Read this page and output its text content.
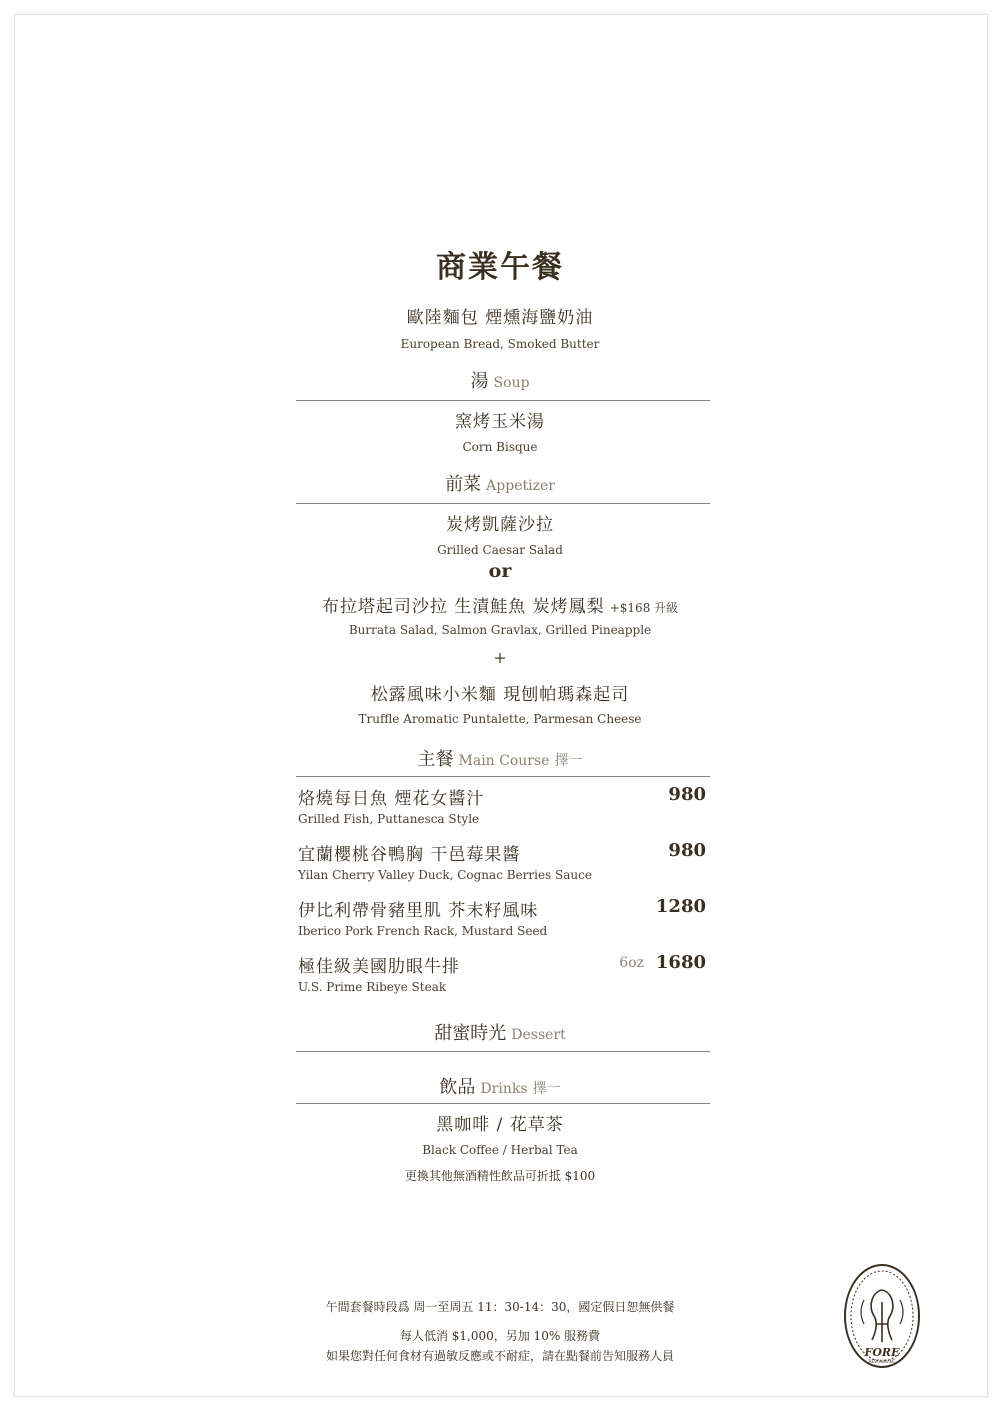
商業午餐
歐陸麵包 煙燻海鹽奶油
European Bread, Smoked Butter
湯 Soup
窯烤玉米湯
Corn Bisque
前菜 Appetizer
炭烤凱薩沙拉
Grilled Caesar Salad
or
布拉塔起司沙拉 生漬鮭魚 炭烤鳳梨 +$168 升級
Burrata Salad, Salmon Gravlax, Grilled Pineapple
+
松露風味小米麵 現刨帕瑪森起司
Truffle Aromatic Puntalette, Parmesan Cheese
主餐 Main Course 擇一
烙燒每日魚 煙花女醬汁	980
Grilled Fish, Puttanesca Style
宜蘭櫻桃谷鴨胸 干邑莓果醬	980
Yilan Cherry Valley Duck, Cognac Berries Sauce
伊比利帶骨豬里肌 芥末籽風味	1280
Iberico Pork French Rack, Mustard Seed
極佳級美國肋眼牛排	6oz 1680
U.S. Prime Ribeye Steak
甜蜜時光 Dessert
飲品 Drinks 擇一
黑咖啡 / 花草茶
Black Coffee / Herbal Tea
更換其他無酒精性飲品可折抵 $100
午間套餐時段爲 周一至周五 11：30-14：30，國定假日恕無供餐
每人低消 $1,000，另加 10% 服務費
如果您對任何食材有過敏反應或不耐症，請在點餐前告知服務人員	FORE
RESTAURANT
